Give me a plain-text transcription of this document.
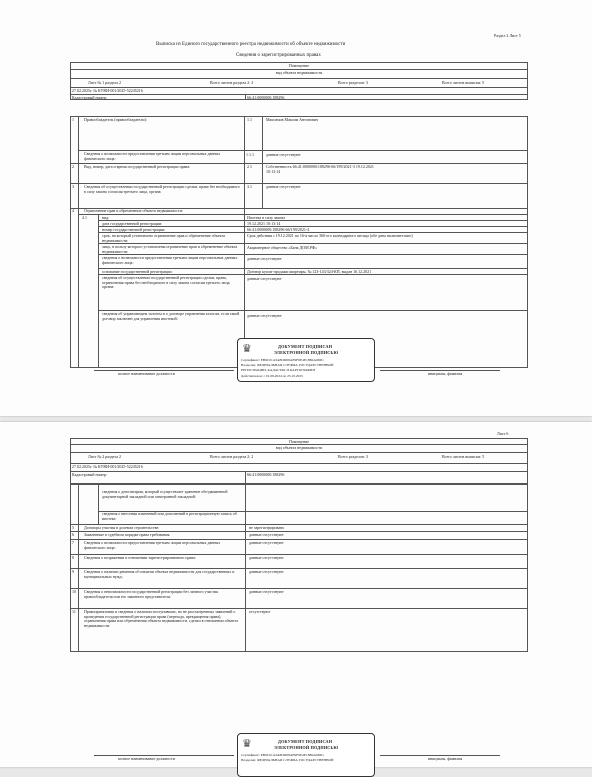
Раздел 2 Лист 5
Выписка из Единого государственного реестра недвижимости об объекте недвижимости
Сведения о зарегистрированных правах
Помещение
вид объекта недвижимости
Лист № 1 раздела 2	Всего листов раздела 2: 2	Всего разделов: 3	Всего листов выписки: 5
27.02.2025г. № КУВИ-001/2025-52245216
Кадастровый номер:	66:41:0000000:188296
1	Правообладатель (правообладатели):	1.1	Максимов Максим Антонович
Сведения о возможности предоставления третьим лицам персональных данных физического лица:
1.1.1	данные отсутствуют
2	Вид, номер, дата и время государственной регистрации права:	2.1	Собственность 66:41:0000000:188296-66/199/2021-3 19.12.2021 10:13:14
3	Сведения об осуществлении государственной регистрации сделки, права без необходимого в силу закона согласия третьего лица, органа:
3.1	данные отсутствуют
4	Ограничение прав и обременение объекта недвижимости:
4.1	вид:	Ипотека в силу закона
дата государственной регистрации:	19.12.2021 10:13:14
номер государственной регистрации:	66:41:0000000:188296-66/199/2021-4
срок, на который установлено ограничение прав и обременение объекта недвижимости:
Срок действия с 19.12.2021 по 16-я число 360-ого календарного месяца (обе даты включительно)
лицо, в пользу которого установлены ограничение прав и обременение объекта недвижимости:
Акционерное общество «Банк ДОМ.РФ»
сведения о возможности предоставления третьим лицам персональных данных физического лица:
данные отсутствуют
основание государственной регистрации:	Договор купли-продажи квартиры, № 123-143/324-КП, выдан 16.12.2021
сведения об осуществлении государственной регистрации сделки, права, ограничения права без необходимого в силу закона согласия третьего лица, органа:
данные отсутствуют
сведения об управляющем залогом и о договоре управления залогом, если такой договор заключен для управления ипотекой:
данные отсутствуют
♛	ДОКУМЕНТ ПОДПИСАН
ЭЛЕКТРОННОЙ ПОДПИСЬЮ
Сертификат: ЕВ9С01А3А8DD08АЕ9F6Е4Е18В4А0D01
Владелец: ФЕДЕРАЛЬНАЯ СЛУЖБА ГОСУДАРСТВЕННОЙ
РЕГИСТРАЦИИ, КАДАСТРА И КАРТОГРАФИИ
Действителен: с 01.08.2024 по 25.10.2025
полное наименование должности	инициалы, фамилия
Лист 6
Помещение
вид объекта недвижимости
Лист № 2 раздела 2	Всего листов раздела 2: 2	Всего разделов: 3	Всего листов выписки: 5
27.02.2025г. № КУВИ-001/2025-52245216
Кадастровый номер:	66:41:0000000:188296
сведения о депозитарии, который осуществляет хранение обездвиженной документарной закладной или электронной закладной:
сведения о внесении изменений или дополнений в регистрационную запись об ипотеке:
5	Договоры участия в долевом строительстве:	не зарегистрировано
6	Заявленные в судебном порядке права требования:	данные отсутствуют
7	Сведения о возможности предоставления третьим лицам персональных данных физического лица:
данные отсутствуют
8	Сведения о возражении в отношении зарегистрированного права:	данные отсутствуют
9	Сведения о наличии решения об изъятии объекта недвижимости для государственных и муниципальных нужд:
данные отсутствуют
10 Сведения о невозможности государственной регистрации без личного участия правообладателя или его законного представителя:
данные отсутствуют
11 Правопритязания и сведения о наличии поступивших, но не рассмотренных заявлений о проведении государственной регистрации права (перехода, прекращения права), ограничения права или обременения объекта недвижимости, сделки в отношении объекта недвижимости:
отсутствуют
♛	ДОКУМЕНТ ПОДПИСАН
ЭЛЕКТРОННОЙ ПОДПИСЬЮ
Сертификат: ЕВ9С01А3А8DD08АЕ9F6Е4Е18В4А0D01
Владелец: ФЕДЕРАЛЬНАЯ СЛУЖБА ГОСУДАРСТВЕННОЙ
полное наименование должности	инициалы, фамилия
